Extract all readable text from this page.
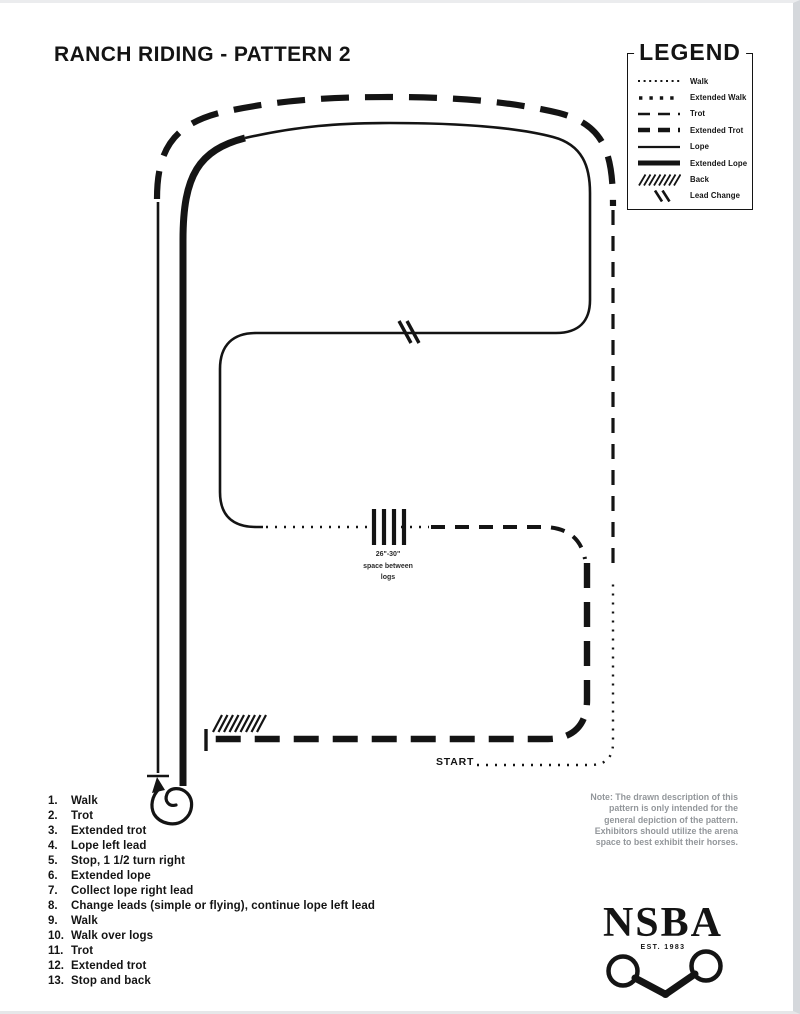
RANCH RIDING - PATTERN 2	LEGEND
Walk
Extended Walk
Trot
Extended Trot
Lope
Extended Lope
Back
Lead Change
START
26"-30"
space between
logs
1.	Walk
2.	Trot
3.	Extended trot
4.	Lope left lead
5.	Stop, 1 1/2 turn right
6.	Extended lope
7.	Collect lope right lead
8.	Change leads (simple or flying), continue lope left lead
9.	Walk
10. Walk over logs
11. Trot
12. Extended trot
13. Stop and back
Note: The drawn description of this
pattern is only intended for the
general depiction of the pattern.
Exhibitors should utilize the arena
space to best exhibit their horses.
NSBA
EST. 1983
